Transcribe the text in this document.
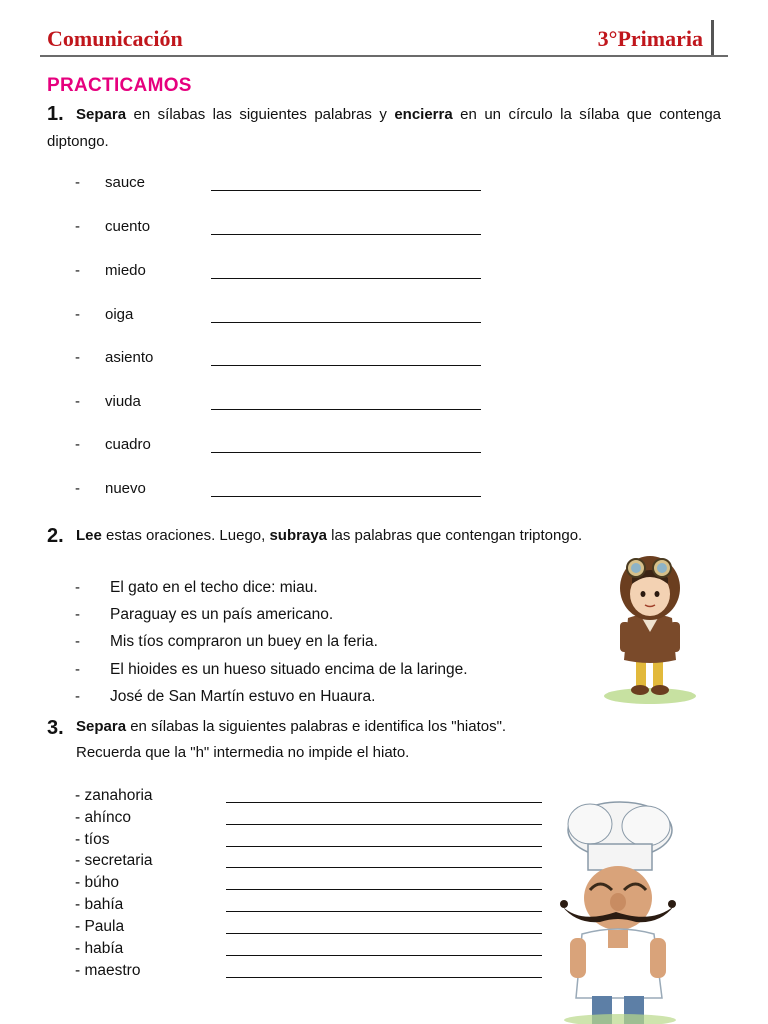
Comunicación	3°Primaria
PRACTICAMOS
1. Separa en sílabas las siguientes palabras y encierra en un círculo la sílaba que contenga diptongo.
- sauce
- cuento
- miedo
- oiga
- asiento
- viuda
- cuadro
- nuevo
2. Lee estas oraciones. Luego, subraya las palabras que contengan triptongo.
- El gato en el techo dice: miau.
- Paraguay es un país americano.
- Mis tíos compraron un buey en la feria.
- El hioides es un hueso situado encima de la laringe.
- José de San Martín estuvo en Huaura.
3. Separa en sílabas la siguientes palabras e identifica los "hiatos".
Recuerda que la "h" intermedia no impide el hiato.
- zanahoria
- ahínco
- tíos
- secretaria
- búho
- bahía
- Paula
- había
- maestro
